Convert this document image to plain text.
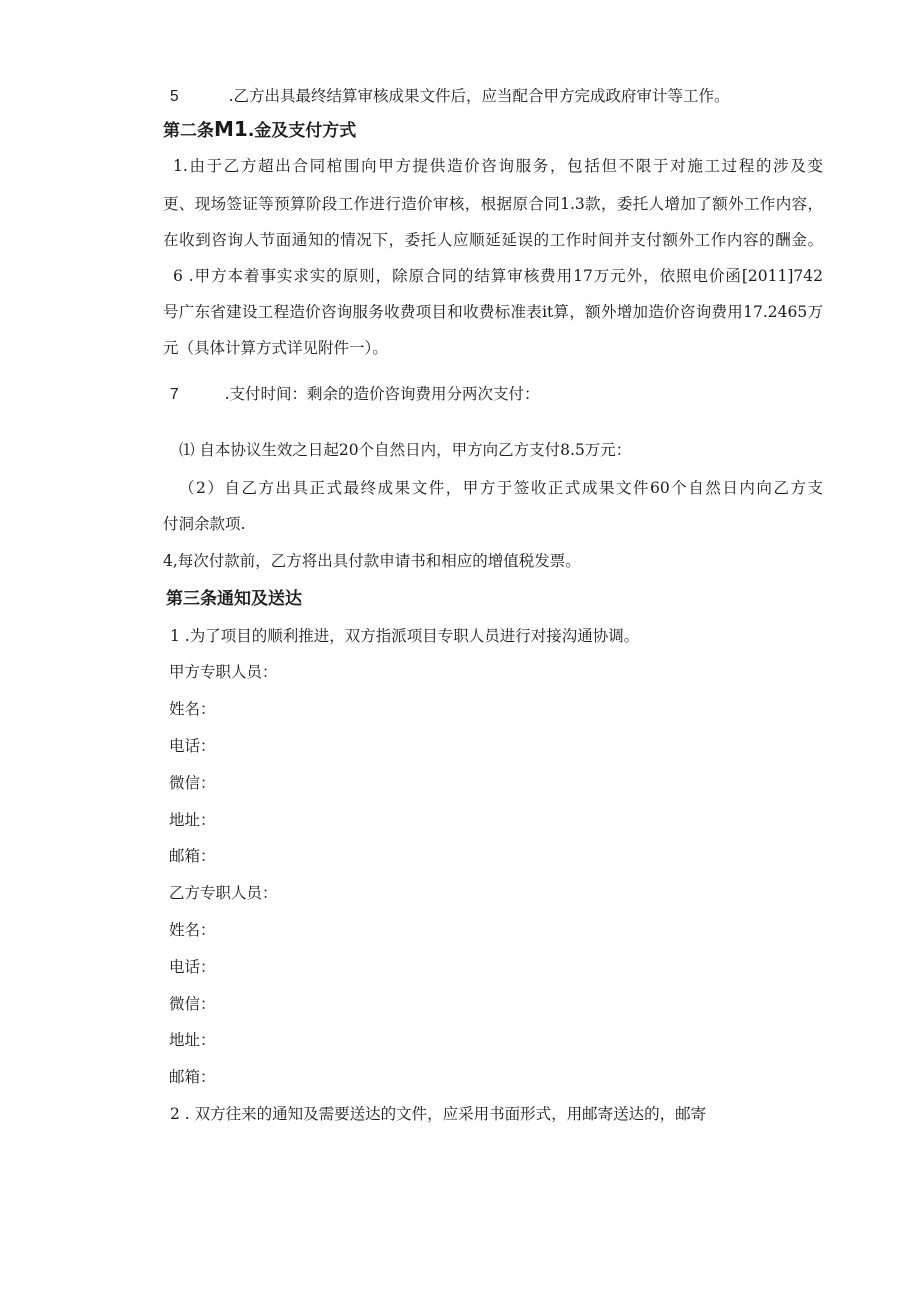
5	.乙方出具最终结算审核成果文件后，应当配合甲方完成政府审计等工作。
第二条M1.金及支付方式
1.由于乙方超出合同棺围向甲方提供造价咨询服务，包括但不限于对施工过程的涉及变
更、现场签证等预算阶段工作进行造价审核，根据原合同1.3款，委托人增加了额外工作内容，
在收到咨询人节面通知的情况下，委托人应顺延延误的工作时间并支付额外工作内容的酬金。
6 .甲方本着事实求实的原则，除原合同的结算审核费用17万元外，依照电价函[2011]742
号广东省建设工程造价咨询服务收费项目和收费标准表it算，额外增加造价咨询费用17.2465万
元（具体计算方式详见附件一）。
7	.支付时间：剩余的造价咨询费用分两次支付：
⑴ 自本协议生效之日起20个自然日内，甲方向乙方支付8.5万元：
（2）自乙方出具正式最终成果文件，甲方于签收正式成果文件60个自然日内向乙方支
付洞余款项.
4,每次付款前，乙方将出具付款申请书和相应的增值税发票。
第三条通知及送达
1 .为了项目的顺利推进，双方指派项目专职人员进行对接沟通协调。
甲方专职人员：
姓名：
电话：
微信：
地址：
邮箱：
乙方专职人员：
姓名：
电话：
微信：
地址：
邮箱：
2 . 双方往来的通知及需要送达的文件，应采用书面形式，用邮寄送达的，邮寄
